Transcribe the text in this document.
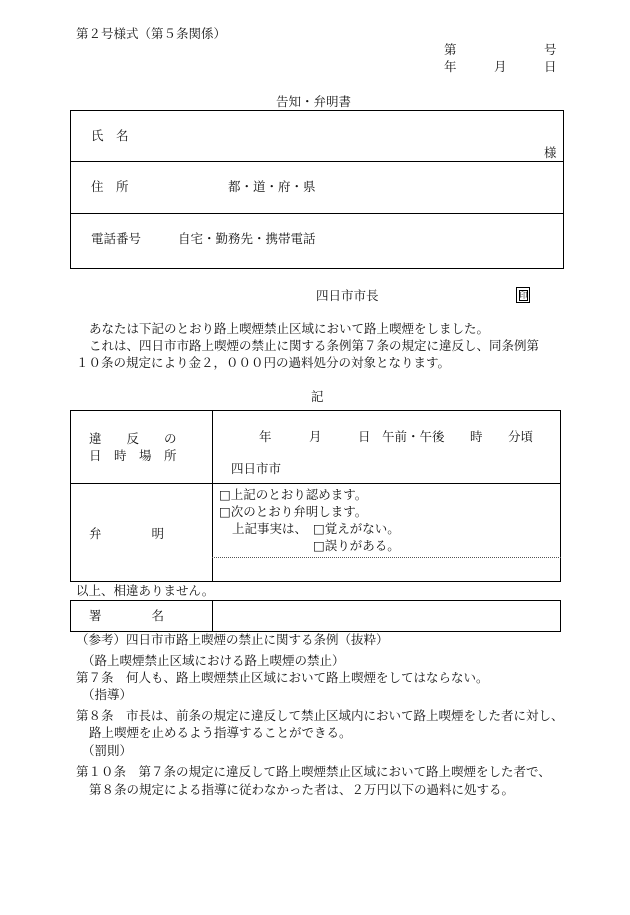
第２号様式（第５条関係）
第	号
年	月	日
告知・弁明書
氏　名
様
住　所	都・道・府・県
電話番号	自宅・勤務先・携帯電話
四日市市長	印
あなたは下記のとおり路上喫煙禁止区域において路上喫煙をしました。
これは、四日市市路上喫煙の禁止に関する条例第７条の規定に違反し、同条例第
１０条の規定により金２，０００円の過料処分の対象となります。
記
違　　反　　の
日　時　場　所
年	月	日 午前・午後 時 分頃
四日市市
弁　　　　明
□上記のとおり認めます。
□次のとおり弁明します。
上記事実は、 □覚えがない。
□誤りがある。
以上、相違ありません。
署　　　　名
（参考）四日市市路上喫煙の禁止に関する条例（抜粋）
（路上喫煙禁止区域における路上喫煙の禁止）
第７条　何人も、路上喫煙禁止区域において路上喫煙をしてはならない。
（指導）
第８条　市長は、前条の規定に違反して禁止区域内において路上喫煙をした者に対し、
路上喫煙を止めるよう指導することができる。
（罰則）
第１０条　第７条の規定に違反して路上喫煙禁止区域において路上喫煙をした者で、
第８条の規定による指導に従わなかった者は、２万円以下の過料に処する。
